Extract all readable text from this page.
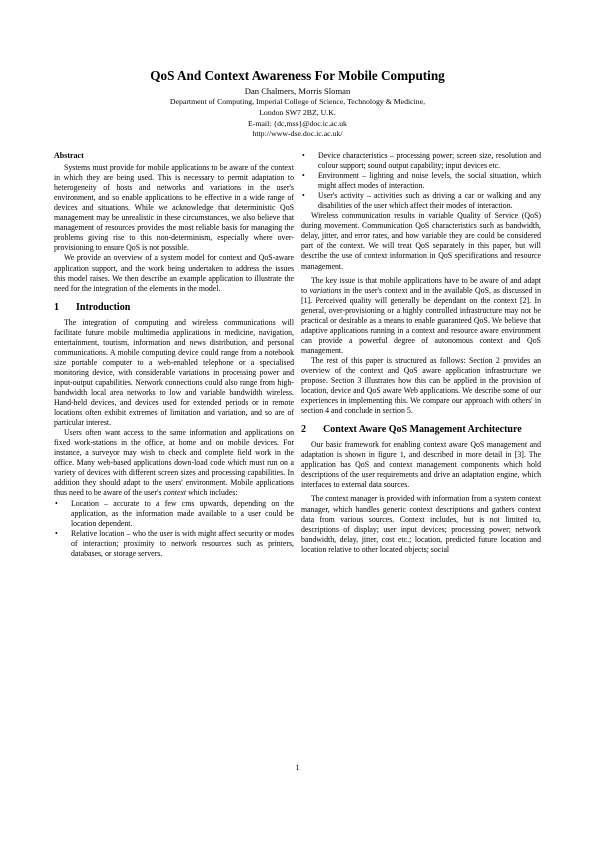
QoS And Context Awareness For Mobile Computing
Dan Chalmers, Morris Sloman
Department of Computing, Imperial College of Science, Technology & Medicine,
London SW7 2BZ, U.K.
E-mail: {dc,mss}@doc.ic.ac.uk
http://www-dse.doc.ic.ac.uk/
Abstract

Systems must provide for mobile applications to be aware of the context in which they are being used. This is necessary to permit adaptation to heterogeneity of hosts and networks and variations in the user's environment, and so enable applications to be effective in a wide range of devices and situations. While we acknowledge that deterministic QoS management may be unrealistic in these circumstances, we also believe that management of resources provides the most reliable basis for managing the problems giving rise to this non-determinism, especially where over-provisioning to ensure QoS is not possible.

We provide an overview of a system model for context and QoS-aware application support, and the work being undertaken to address the issues this model raises. We then describe an example application to illustrate the need for the integration of the elements in the model.

1	Introduction

The integration of computing and wireless communications will facilitate future mobile multimedia applications in medicine, navigation, entertainment, tourism, information and news distribution, and personal communications. A mobile computing device could range from a notebook size portable computer to a web-enabled telephone or a specialised monitoring device, with considerable variations in processing power and input-output capabilities. Network connections could also range from high-bandwidth local area networks to low and variable bandwidth wireless. Hand-held devices, and devices used for extended periods or in remote locations often exhibit extremes of limitation and variation, and so are of particular interest.

Users often want access to the same information and applications on fixed work-stations in the office, at home and on mobile devices. For instance, a surveyor may wish to check and complete field work in the office. Many web-based applications down-load code which must run on a variety of devices with different screen sizes and processing capabilities. In addition they should adapt to the users' environment. Mobile applications thus need to be aware of the user's context which includes:

• Location – accurate to a few cms upwards, depending on the application, as the information made available to a user could be location dependent.
• Relative location – who the user is with might affect security or modes of interaction; proximity to network resources such as printers, databases, or storage servers.
• Device characteristics – processing power; screen size, resolution and colour support; sound output capability; input devices etc.
• Environment – lighting and noise levels, the social situation, which might affect modes of interaction.
• User's activity – activities such as driving a car or walking and any disabilities of the user which affect their modes of interaction.

Wireless communication results in variable Quality of Service (QoS) during movement. Communication QoS characteristics such as bandwidth, delay, jitter, and error rates, and how variable they are could be considered part of the context. We will treat QoS separately in this paper, but will describe the use of context information in QoS specifications and resource management.

The key issue is that mobile applications have to be aware of and adapt to variations in the user's context and in the available QoS, as discussed in [1]. Perceived quality will generally be dependant on the context [2]. In general, over-provisioning or a highly controlled infrastructure may not be practical or desirable as a means to enable guaranteed QoS. We believe that adaptive applications running in a context and resource aware environment can provide a powerful degree of autonomous context and QoS management.

The rest of this paper is structured as follows: Section 2 provides an overview of the context and QoS aware application infrastructure we propose. Section 3 illustrates how this can be applied in the provision of location, device and QoS aware Web applications. We describe some of our experiences in implementing this. We compare our approach with others' in section 4 and conclude in section 5.

2	Context Aware QoS Management Architecture

Our basic framework for enabling context aware QoS management and adaptation is shown in figure 1, and described in more detail in [3]. The application has QoS and context management components which hold descriptions of the user requirements and drive an adaptation engine, which interfaces to external data sources.

The context manager is provided with information from a system context manager, which handles generic context descriptions and gathers context data from various sources. Context includes, but is not limited to, descriptions of display; user input devices; processing power; network bandwidth, delay, jitter, cost etc.; location, predicted future location and location relative to other located objects; social

1
